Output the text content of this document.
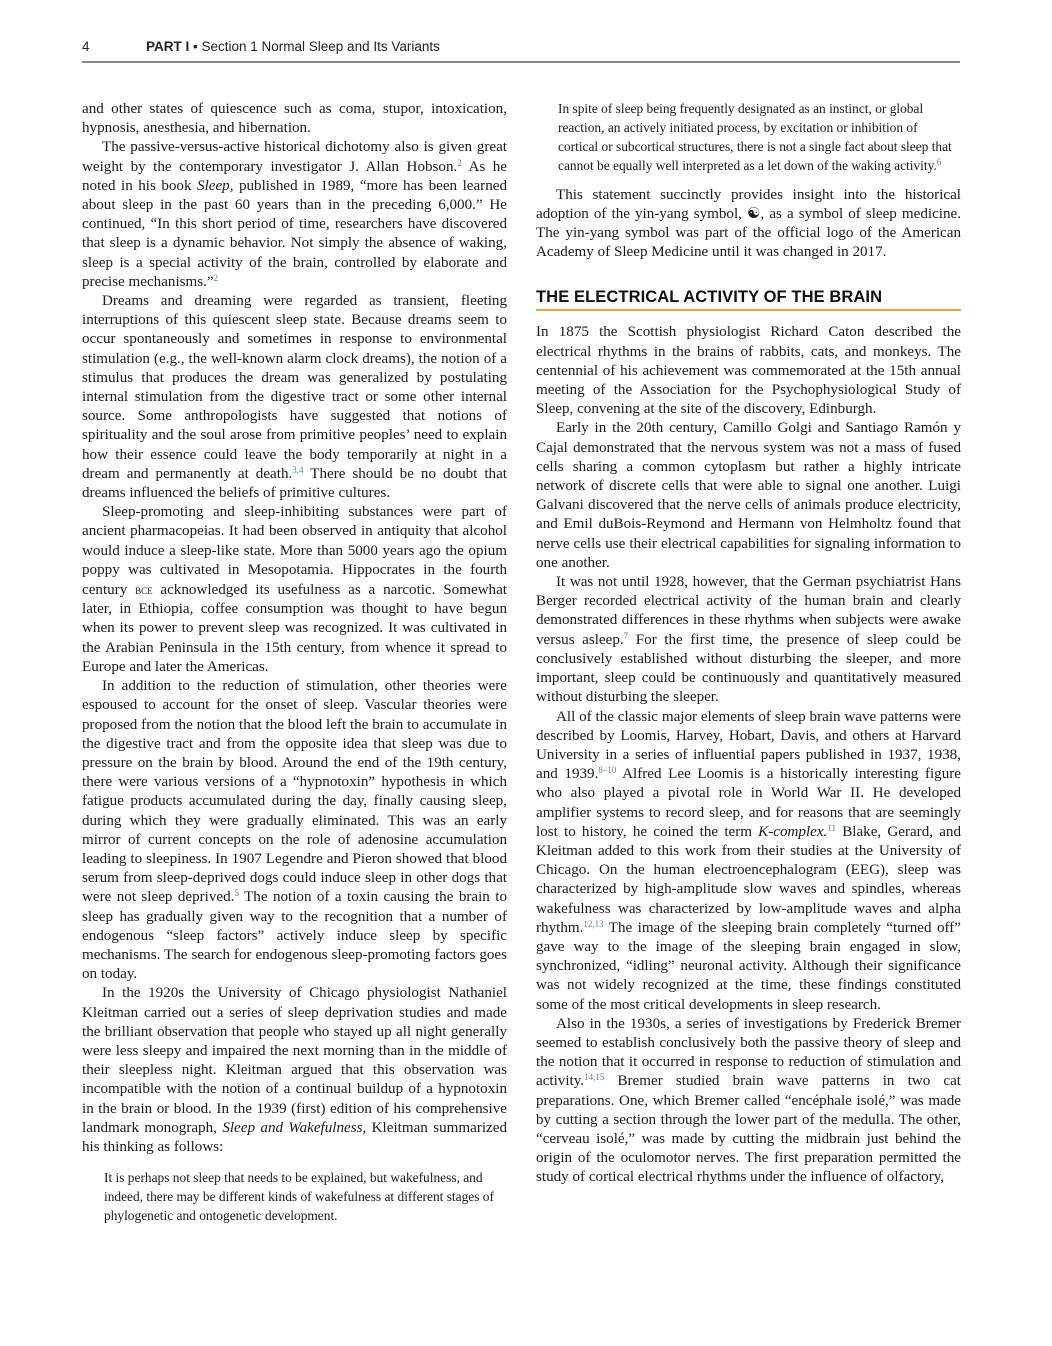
4	PART I • Section 1 Normal Sleep and Its Variants

and other states of quiescence such as coma, stupor, intoxication, hypnosis, anesthesia, and hibernation.

The passive-versus-active historical dichotomy also is given great weight by the contemporary investigator J. Allan Hobson.$^2$ As he noted in his book Sleep, published in 1989, “more has been learned about sleep in the past 60 years than in the preceding 6,000.” He continued, “In this short period of time, researchers have discovered that sleep is a dynamic behavior. Not simply the absence of waking, sleep is a special activity of the brain, controlled by elaborate and precise mechanisms.”$^2$

Dreams and dreaming were regarded as transient, fleeting interruptions of this quiescent sleep state. Because dreams seem to occur spontaneously and sometimes in response to environmental stimulation (e.g., the well-known alarm clock dreams), the notion of a stimulus that produces the dream was generalized by postulating internal stimulation from the digestive tract or some other internal source. Some anthropologists have suggested that notions of spirituality and the soul arose from primitive peoples’ need to explain how their essence could leave the body temporarily at night in a dream and permanently at death.$^{3,4}$ There should be no doubt that dreams influenced the beliefs of primitive cultures.

Sleep-promoting and sleep-inhibiting substances were part of ancient pharmacopeias. It had been observed in antiquity that alcohol would induce a sleep-like state. More than 5000 years ago the opium poppy was cultivated in Mesopotamia. Hippocrates in the fourth century bce acknowledged its usefulness as a narcotic. Somewhat later, in Ethiopia, coffee consumption was thought to have begun when its power to prevent sleep was recognized. It was cultivated in the Arabian Peninsula in the 15th century, from whence it spread to Europe and later the Americas.

In addition to the reduction of stimulation, other theories were espoused to account for the onset of sleep. Vascular theories were proposed from the notion that the blood left the brain to accumulate in the digestive tract and from the opposite idea that sleep was due to pressure on the brain by blood. Around the end of the 19th century, there were various versions of a “hypnotoxin” hypothesis in which fatigue products accumulated during the day, finally causing sleep, during which they were gradually eliminated. This was an early mirror of current concepts on the role of adenosine accumulation leading to sleepiness. In 1907 Legendre and Pieron showed that blood serum from sleep-deprived dogs could induce sleep in other dogs that were not sleep deprived.$^5$ The notion of a toxin causing the brain to sleep has gradually given way to the recognition that a number of endogenous “sleep factors” actively induce sleep by specific mechanisms. The search for endogenous sleep-promoting factors goes on today.

In the 1920s the University of Chicago physiologist Nathaniel Kleitman carried out a series of sleep deprivation studies and made the brilliant observation that people who stayed up all night generally were less sleepy and impaired the next morning than in the middle of their sleepless night. Kleitman argued that this observation was incompatible with the notion of a continual buildup of a hypnotoxin in the brain or blood. In the 1939 (first) edition of his comprehensive landmark monograph, Sleep and Wakefulness, Kleitman summarized his thinking as follows:

It is perhaps not sleep that needs to be explained, but wakefulness, and indeed, there may be different kinds of wakefulness at different stages of phylogenetic and ontogenetic development.

In spite of sleep being frequently designated as an instinct, or global reaction, an actively initiated process, by excitation or inhibition of cortical or subcortical structures, there is not a single fact about sleep that cannot be equally well interpreted as a let down of the waking activity.$^6$

This statement succinctly provides insight into the historical adoption of the yin-yang symbol, ☯, as a symbol of sleep medicine. The yin-yang symbol was part of the official logo of the American Academy of Sleep Medicine until it was changed in 2017.

THE ELECTRICAL ACTIVITY OF THE BRAIN

In 1875 the Scottish physiologist Richard Caton described the electrical rhythms in the brains of rabbits, cats, and monkeys. The centennial of his achievement was commemorated at the 15th annual meeting of the Association for the Psychophysiological Study of Sleep, convening at the site of the discovery, Edinburgh.

Early in the 20th century, Camillo Golgi and Santiago Ramón y Cajal demonstrated that the nervous system was not a mass of fused cells sharing a common cytoplasm but rather a highly intricate network of discrete cells that were able to signal one another. Luigi Galvani discovered that the nerve cells of animals produce electricity, and Emil duBois-Reymond and Hermann von Helmholtz found that nerve cells use their electrical capabilities for signaling information to one another.

It was not until 1928, however, that the German psychiatrist Hans Berger recorded electrical activity of the human brain and clearly demonstrated differences in these rhythms when subjects were awake versus asleep.$^7$ For the first time, the presence of sleep could be conclusively established without disturbing the sleeper, and more important, sleep could be continuously and quantitatively measured without disturbing the sleeper.

All of the classic major elements of sleep brain wave patterns were described by Loomis, Harvey, Hobart, Davis, and others at Harvard University in a series of influential papers published in 1937, 1938, and 1939.$^{8-10}$ Alfred Lee Loomis is a historically interesting figure who also played a pivotal role in World War II. He developed amplifier systems to record sleep, and for reasons that are seemingly lost to history, he coined the term K-complex.$^{11}$ Blake, Gerard, and Kleitman added to this work from their studies at the University of Chicago. On the human electroencephalogram (EEG), sleep was characterized by high-amplitude slow waves and spindles, whereas wakefulness was characterized by low-amplitude waves and alpha rhythm.$^{12,13}$ The image of the sleeping brain completely “turned off” gave way to the image of the sleeping brain engaged in slow, synchronized, “idling” neuronal activity. Although their significance was not widely recognized at the time, these findings constituted some of the most critical developments in sleep research.

Also in the 1930s, a series of investigations by Frederick Bremer seemed to establish conclusively both the passive theory of sleep and the notion that it occurred in response to reduction of stimulation and activity.$^{14,15}$ Bremer studied brain wave patterns in two cat preparations. One, which Bremer called “encéphale isolé,” was made by cutting a section through the lower part of the medulla. The other, “cerveau isolé,” was made by cutting the midbrain just behind the origin of the oculomotor nerves. The first preparation permitted the study of cortical electrical rhythms under the influence of olfactory,
